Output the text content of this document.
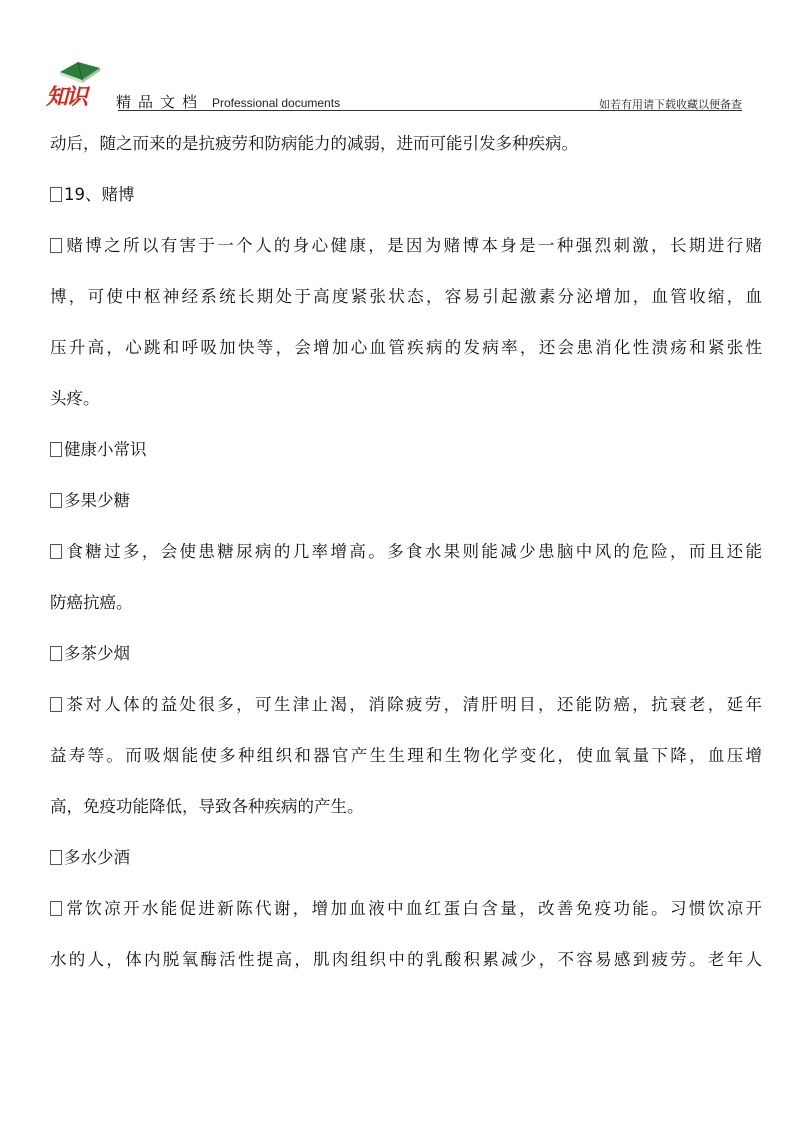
知识 精品文档 Professional documents	如若有用请下载收藏以便备查
动后，随之而来的是抗疲劳和防病能力的减弱，进而可能引发多种疾病。
19、赌博
赌博之所以有害于一个人的身心健康，是因为赌博本身是一种强烈刺激，长期进行赌
博，可使中枢神经系统长期处于高度紧张状态，容易引起激素分泌增加，血管收缩，血
压升高，心跳和呼吸加快等，会增加心血管疾病的发病率，还会患消化性溃疡和紧张性
头疼。
健康小常识
多果少糖
食糖过多，会使患糖尿病的几率增高。多食水果则能减少患脑中风的危险，而且还能
防癌抗癌。
多茶少烟
茶对人体的益处很多，可生津止渴，消除疲劳，清肝明目，还能防癌，抗衰老，延年
益寿等。而吸烟能使多种组织和器官产生生理和生物化学变化，使血氧量下降，血压增
高，免疫功能降低，导致各种疾病的产生。
多水少酒
常饮凉开水能促进新陈代谢，增加血液中血红蛋白含量，改善免疫功能。习惯饮凉开
水的人，体内脱氧酶活性提高，肌肉组织中的乳酸积累减少，不容易感到疲劳。老年人
